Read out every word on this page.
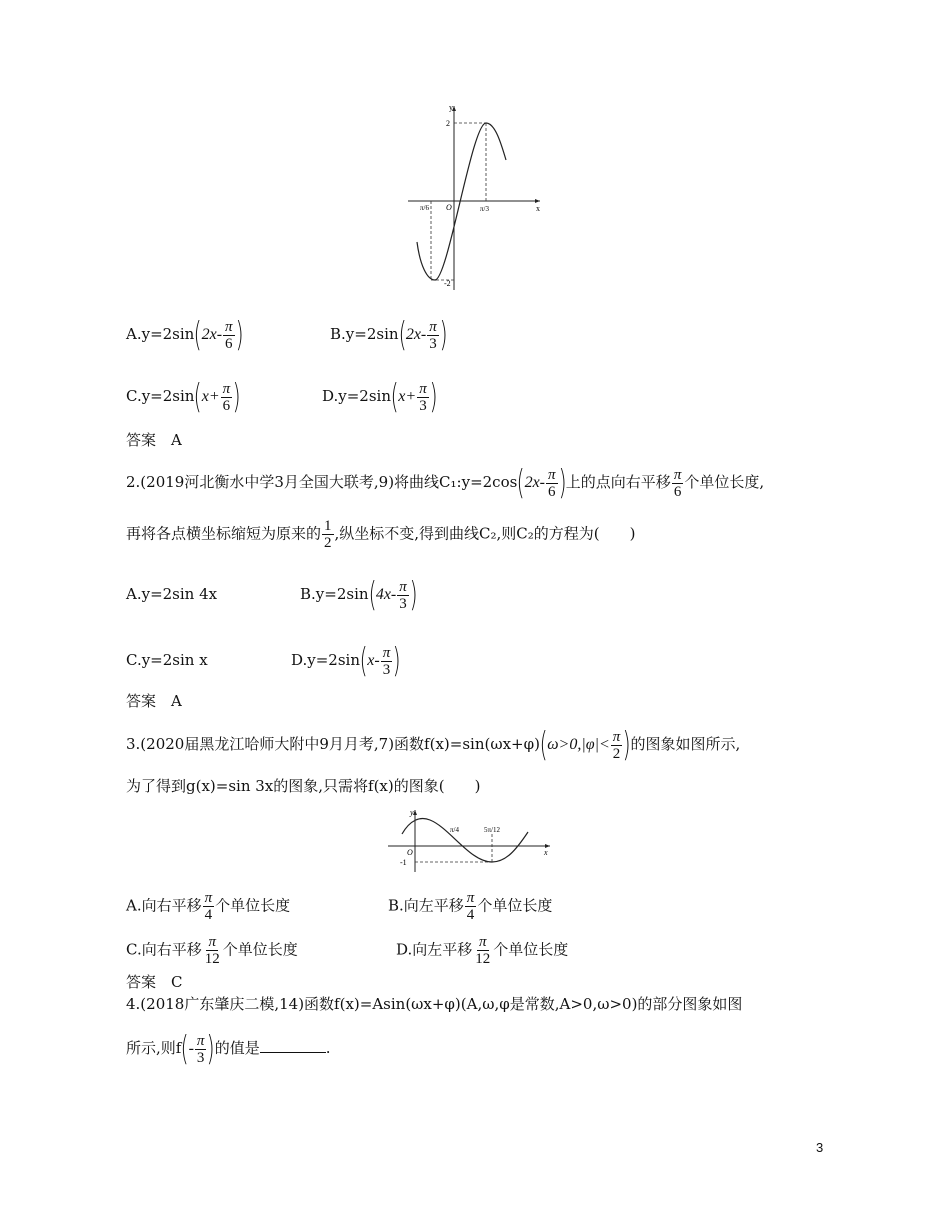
y
x
O
2
-2
π/6	π/3
$A.y=2\sin(2x- \frac{\pi}{6}$ )	$B.y=2\sin(2x- \frac{\pi}{3}$ )
$C.y=2\sin(x+ \frac{\pi}{6}$ )	$D.y=2\sin(x+ \frac{\pi}{3}$ )
答案　A
2.(2019河北衡水中学3月全国大联考,9)将曲线C₁:y=2cos(2x- $\frac{\pi}{6}$ )上的点向右平移 $\frac{\pi}{6}$ 个单位长度,
再将各点横坐标缩短为原来的 $\frac{1}{2}$ ,纵坐标不变,得到曲线C₂,则C₂的方程为(　　)
A.y=2sin 4x	$B.y=2\sin(4x- \frac{\pi}{3}$ )
C.y=2sin x	$D.y=2\sin(x- \frac{\pi}{3}$ )
答案　A
3.(2020届黑龙江哈师大附中9月月考,7)函数$f(x)=\sin(\omega x+\varphi)(\omega>0,|\varphi|< \frac{\pi}{2}$ )的图象如图所示,
为了得到g(x)=sin 3x的图象,只需将f(x)的图象(　　)
y
x
O
-1
π/4	5π/12
A.向右平移 $\frac{\pi}{4}$ 个单位长度	B.向左平移 $\frac{\pi}{4}$ 个单位长度
C.向右平移 $\frac{\pi}{12}$ 个单位长度	D.向左平移 $\frac{\pi}{12}$ 个单位长度
答案　C
4.(2018广东肇庆二模,14)函数f(x)=Asin(ωx+φ)(A,ω,φ是常数,A>0,ω>0)的部分图象如图
所示,则$f(- \frac{\pi}{3}$ )的值是	.
3
